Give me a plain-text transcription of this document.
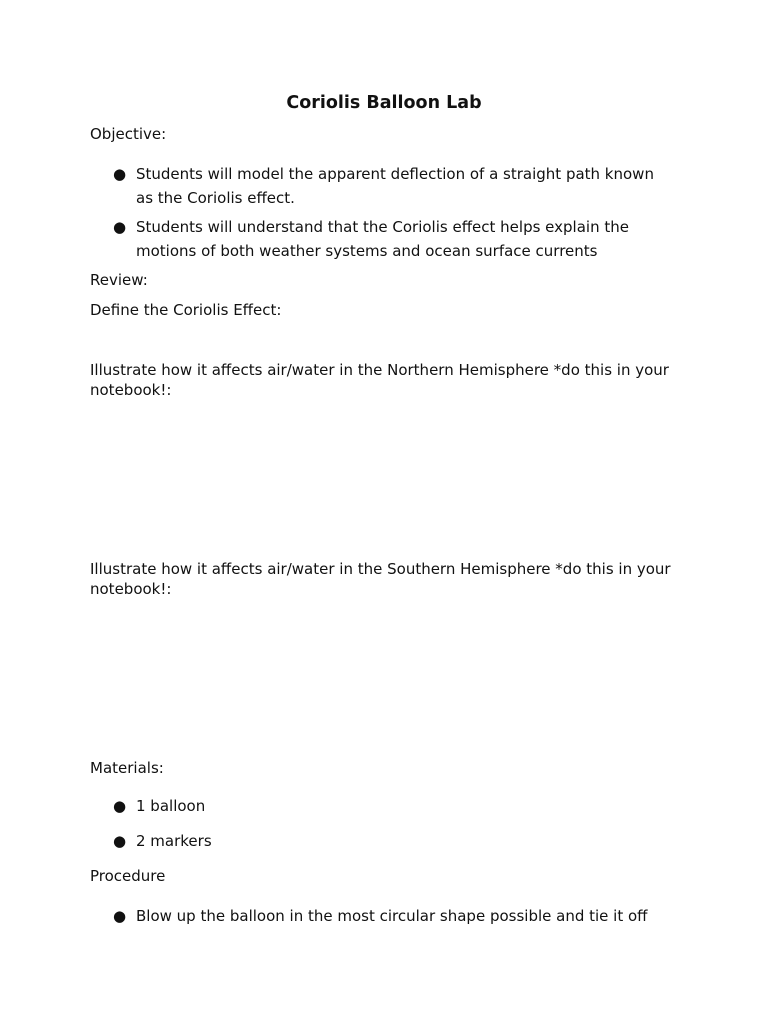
Coriolis Balloon Lab
Objective:
● Students will model the apparent deflection of a straight path known as the Coriolis effect.
● Students will understand that the Coriolis effect helps explain the motions of both weather systems and ocean surface currents
Review:
Define the Coriolis Effect:
Illustrate how it affects air/water in the Northern Hemisphere *do this in your notebook!:
Illustrate how it affects air/water in the Southern Hemisphere *do this in your notebook!:
Materials:
● 1 balloon
● 2 markers
Procedure
● Blow up the balloon in the most circular shape possible and tie it off
